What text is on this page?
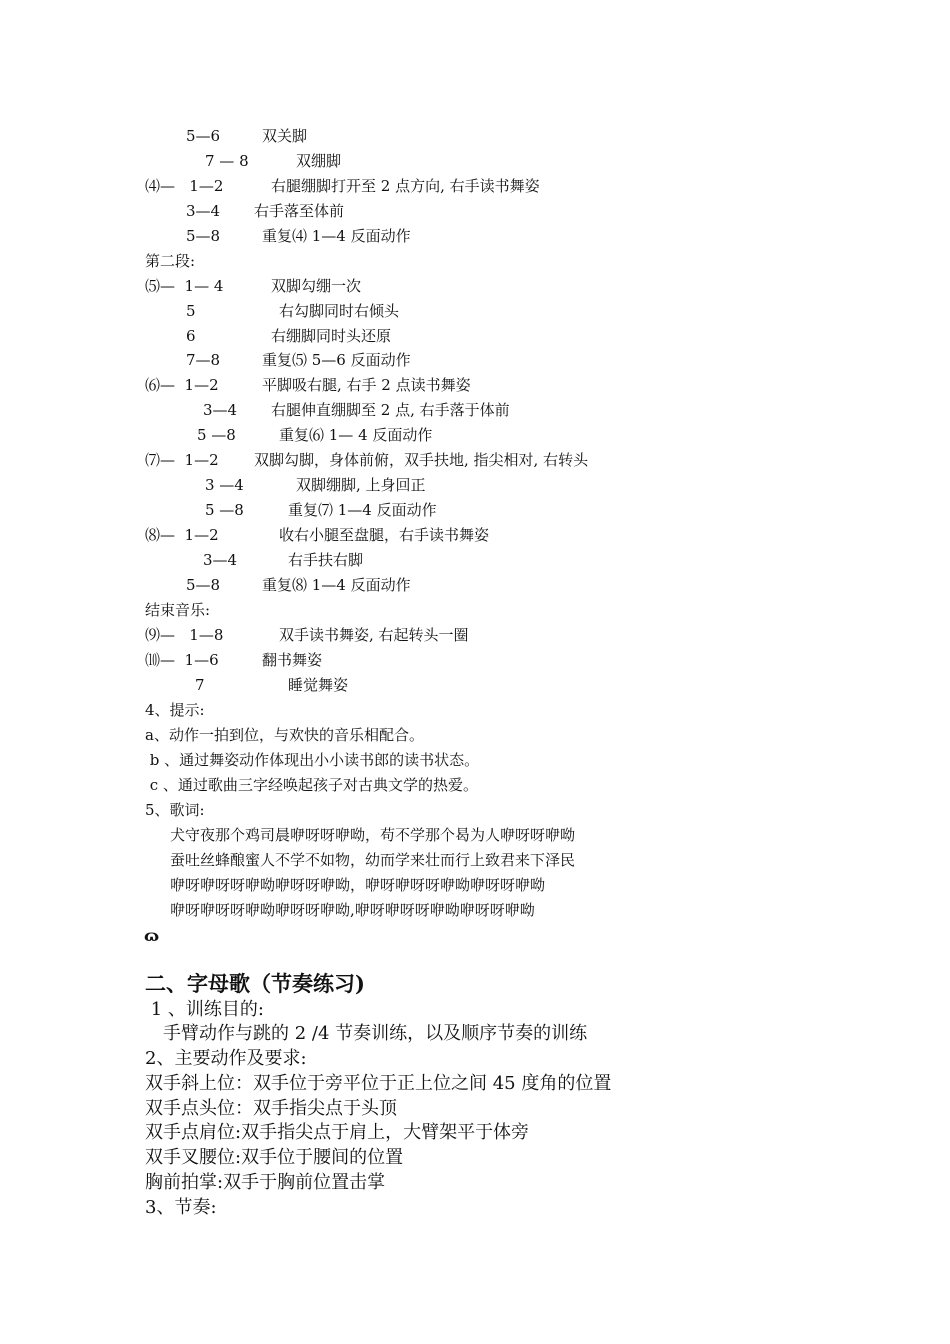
5—6	双关脚
7 — 8	双绷脚
⑷—   1—2	右腿绷脚打开至 2 点方向, 右手读书舞姿
3—4 右手落至体前
5—8	重复⑷ 1—4 反面动作
第二段:
⑸—  1— 4	双脚勾绷一次
5	右勾脚同时右倾头
6	右绷脚同时头还原
7—8	重复⑸ 5—6 反面动作
⑹—  1—2	平脚吸右腿, 右手 2 点读书舞姿
3—4 右腿伸直绷脚至 2 点, 右手落于体前
5 —8	重复⑹ 1— 4 反面动作
⑺—  1—2 双脚勾脚，身体前俯，双手扶地, 指尖相对, 右转头
3 —4	双脚绷脚, 上身回正
5 —8	重复⑺ 1—4 反面动作
⑻—  1—2	收右小腿至盘腿，右手读书舞姿
3—4	右手扶右脚
5—8	重复⑻ 1—4 反面动作
结束音乐:
⑼—   1—8	双手读书舞姿, 右起转头一圈
⑽—  1—6	翻书舞姿
7	睡觉舞姿
4、提示:
a、动作一拍到位，与欢快的音乐相配合。
b 、通过舞姿动作体现出小小读书郎的读书状态。
c 、通过歌曲三字经唤起孩子对古典文学的热爱。
5、歌词:
犬守夜那个鸡司晨咿呀呀咿呦，苟不学那个曷为人咿呀呀咿呦
蚕吐丝蜂酿蜜人不学不如物，幼而学来壮而行上致君来下泽民
咿呀咿呀呀咿呦咿呀呀咿呦，咿呀咿呀呀咿呦咿呀呀咿呦
咿呀咿呀呀咿呦咿呀呀咿呦,咿呀咿呀呀咿呦咿呀呀咿呦
ɷ
二、字母歌（节奏练习)
1 、训练目的:
手臂动作与跳的 2 /4 节奏训练，以及顺序节奏的训练
2、主要动作及要求:
双手斜上位：双手位于旁平位于正上位之间 45 度角的位置
双手点头位：双手指尖点于头顶
双手点肩位:双手指尖点于肩上，大臂架平于体旁
双手叉腰位:双手位于腰间的位置
胸前拍掌:双手于胸前位置击掌
3、节奏:
